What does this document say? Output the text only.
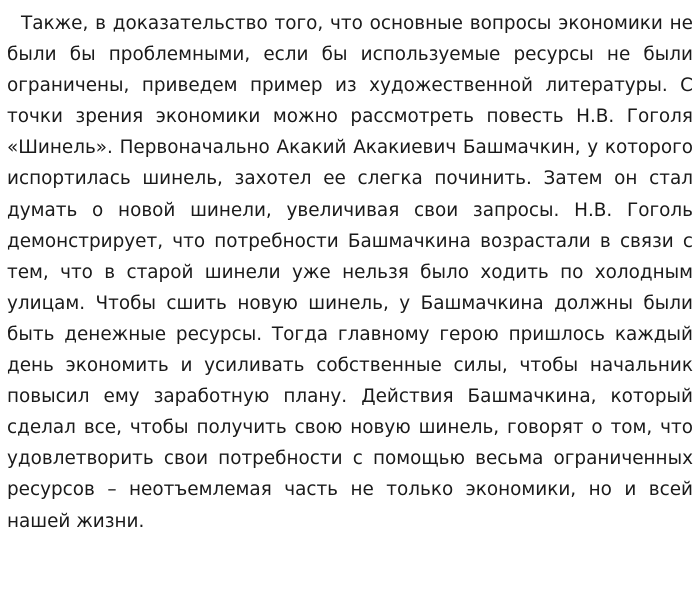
Также, в доказательство того, что основные вопросы экономики не были бы проблемными, если бы используемые ресурсы не были ограничены, приведем пример из художественной литературы. С точки зрения экономики можно рассмотреть повесть Н.В. Гоголя «Шинель». Первоначально Акакий Акакиевич Башмачкин, у которого испортилась шинель, захотел ее слегка починить. Затем он стал думать о новой шинели, увеличивая свои запросы. Н.В. Гоголь демонстрирует, что потребности Башмачкина возрастали в связи с тем, что в старой шинели уже нельзя было ходить по холодным улицам. Чтобы сшить новую шинель, у Башмачкина должны были быть денежные ресурсы. Тогда главному герою пришлось каждый день экономить и усиливать собственные силы, чтобы начальник повысил ему заработную плану. Действия Башмачкина, который сделал все, чтобы получить свою новую шинель, говорят о том, что удовлетворить свои потребности с помощью весьма ограниченных ресурсов – неотъемлемая часть не только экономики, но и всей нашей жизни.
